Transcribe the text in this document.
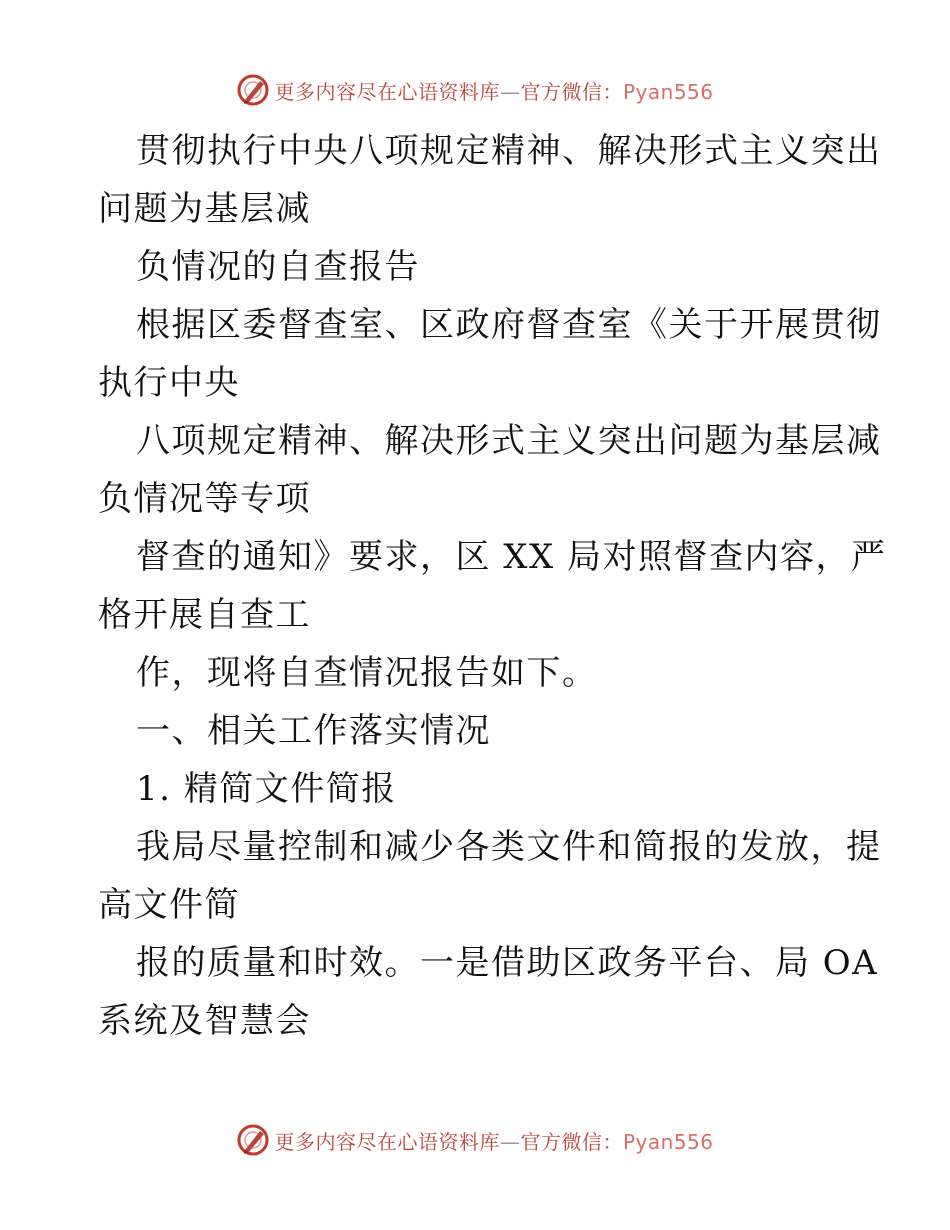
更多内容尽在心语资料库—官方微信：Pyan556
贯彻执行中央八项规定精神、解决形式主义突出
问题为基层减
负情况的自查报告
根据区委督查室、区政府督查室《关于开展贯彻
执行中央
八项规定精神、解决形式主义突出问题为基层减
负情况等专项
督查的通知》要求，区 XX 局对照督查内容，严
格开展自查工
作，现将自查情况报告如下。
一、相关工作落实情况
1. 精简文件简报
我局尽量控制和减少各类文件和简报的发放，提
高文件简
报的质量和时效。一是借助区政务平台、局 OA
系统及智慧会
更多内容尽在心语资料库—官方微信：Pyan556
